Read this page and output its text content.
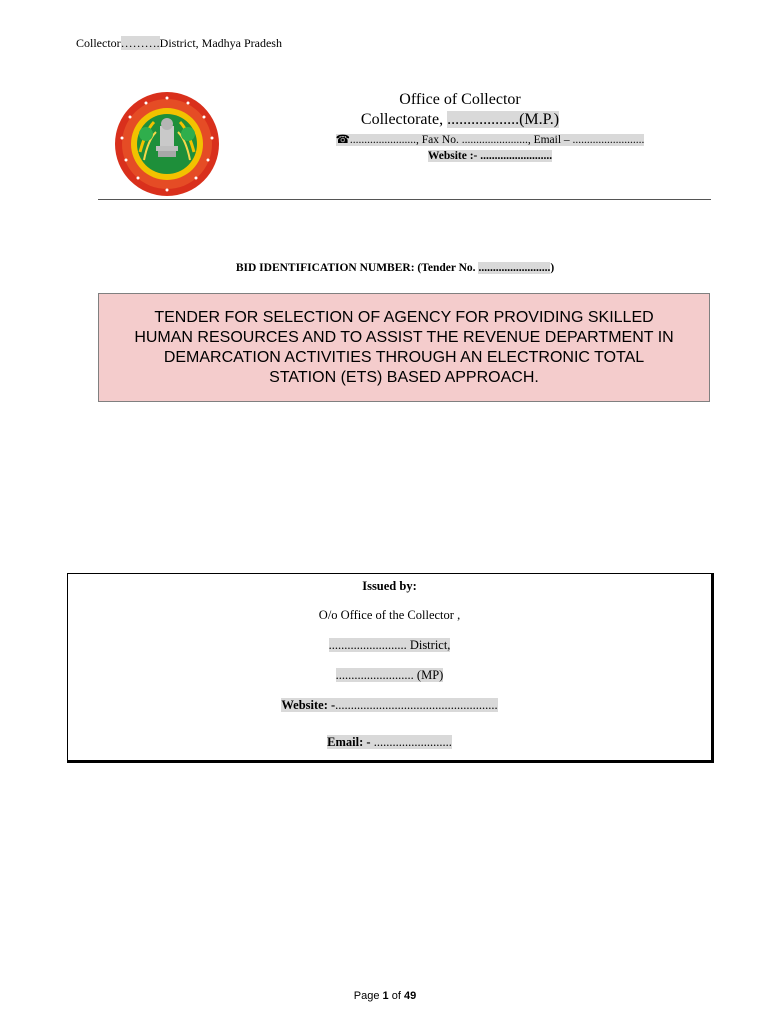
Collector……….District, Madhya Pradesh
Office of Collector
Collectorate, ..................(M.P.)
☎......................., Fax No. ......................., Email – .........................
Website :- .........................
BID IDENTIFICATION NUMBER: (Tender No. .........................)
TENDER FOR SELECTION OF AGENCY FOR PROVIDING SKILLED
HUMAN RESOURCES AND TO ASSIST THE REVENUE DEPARTMENT IN
DEMARCATION ACTIVITIES THROUGH AN ELECTRONIC TOTAL
STATION (ETS) BASED APPROACH.
Issued by:
O/o Office of the Collector ,
......................... District,
......................... (MP)
Website: -....................................................
Email: - .........................
Page 1 of 49
